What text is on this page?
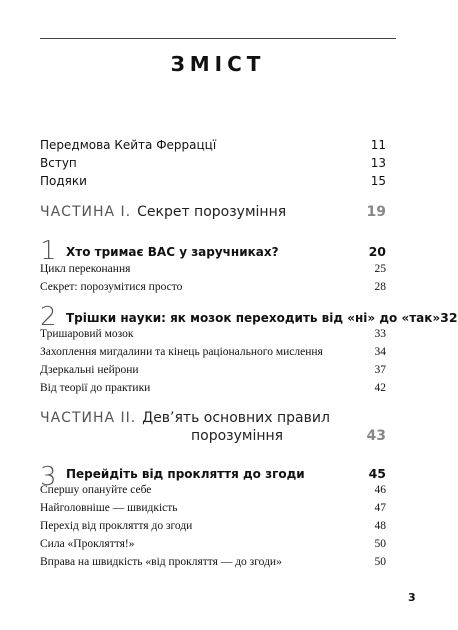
ЗМІСТ
Передмова Кейта Ферраццї	11
Вступ	13
Подяки	15
ЧАСТИНА І. Секрет порозуміння	19
1 Хто тримає ВАС у заручниках?	20
Цикл переконання	25
Секрет: порозумітися просто	28
2 Трішки науки: як мозок переходить від «ні» до «так» 32
Тришаровий мозок	33
Захоплення мигдалини та кінець раціонального мислення	34
Дзеркальні нейрони	37
Від теорії до практики	42
ЧАСТИНА ІІ. Дев’ять основних правил
порозуміння	43
3 Перейдіть від прокляття до згоди	45
Спершу опануйте себе	46
Найголовніше — швидкість	47
Перехід від прокляття до згоди	48
Сила «Прокляття!»	50
Вправа на швидкість «від прокляття — до згоди»	50
3
